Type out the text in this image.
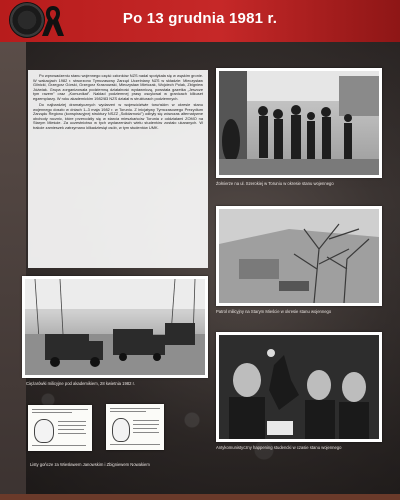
Po 13 grudnia 1981 r.

Po wprowadzeniu stanu wojennego część członków NZS nadal spotykała się w wąskim gronie. W wakacjach 1982 r. stworzono Tymczasowy Zarząd Uczelniany NZS w składzie: Mieczysław Gilnicki, Grzegorz Górski, Grzegorz Krasnowski, Mieczysław Mietczak, Wojciech Polak, Zbigniew Jóźwiak. Grupa zorganizowała podziemną działalność wydawniczą, powstała gazetka „Jeszcze tym razem” oraz „Komunikat”. Nakład podziemnej prasy oscylował w granicach kilkuset egzemplarzy. W roku akademickim 1982/83 NZS działał w strukturach podziemnych.

Do najbardziej dramatycznych wydarzeń w województwie toruńskim w okresie stanu wojennego doszło w dniach 1–3 maja 1982 r. w Toruniu. Z inicjatywy Tymczasowego Prezydium Zarządu Regionu (konspiracyjnej struktury NSZZ „Solidarność”) odbyły się wówczas alternatywne obchody rocznic, które przerodziły się w starcia mieszkańców Torunia z oddziałami ZOMO na Starym Mieście. Za uczestnictwo w tych wydarzeniach wielu studentów zostało ukaranych. W trakcie zamieszek zatrzymano kilkadziesiąt osób, w tym studentów UMK.

Żołnierze na ul. Szerokiej w Toruniu w okresie stanu wojennego
Patrol milicyjny na Starym Mieście w okresie stanu wojennego
Ciężarówki milicyjne pod akademikiem, 28 kwietnia 1982 r.
Antykomunistyczny happening studencki w czasie stanu wojennego
Listy gończe za Wiesławem Janowskim i Zbigniewem Nowakiem
